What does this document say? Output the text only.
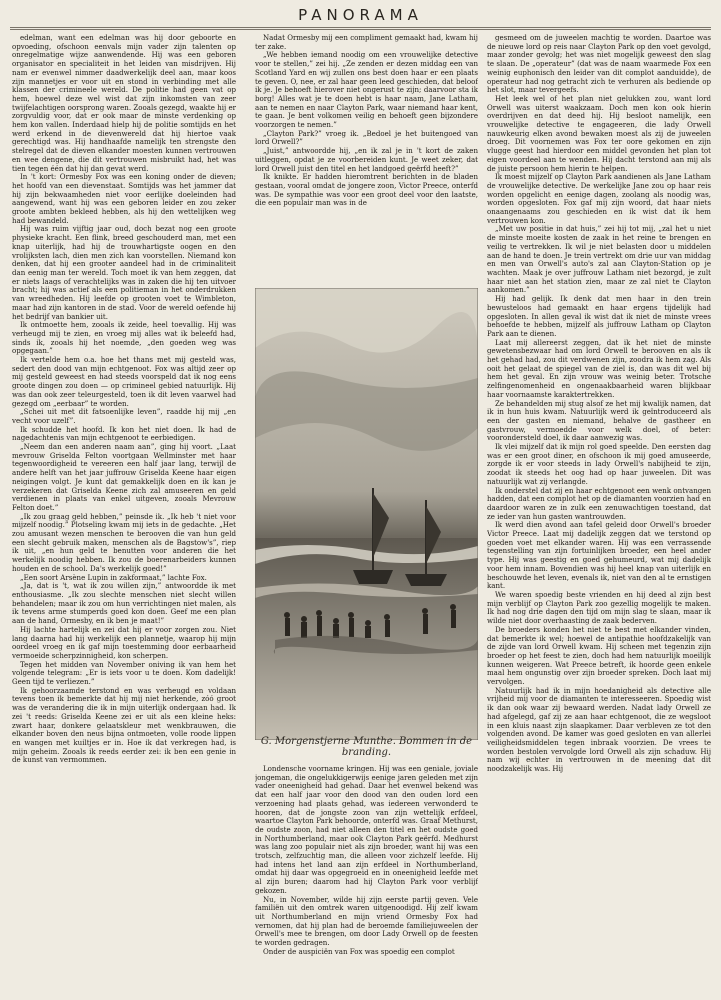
PANORAMA

edelman, want een edelman was hij door geboorte en opvoeding, ofschoon eenvals mijn vader zijn talenten op onregelmatige wijze aanwendende. Hij was een geboren organisator en specialiteit in het leiden van misdrijven. Hij nam er evenwel nimmer daadwerkelijk deel aan, maar koos zijn mannetjes er voor uit en stond in verbinding met alle klassen der crimineele wereld. De politie had geen vat op hem, hoewel deze wel wist dat zijn inkomsten van zeer twijfelachtigen oorsprong waren. Zooals gezegd, waakte hij er zorgvuldig voor, dat er ook maar de minste verdenking op hem kon vallen. Inderdaad hielp hij de politie somtijds en het werd erkend in de dievenwereld dat hij hiertoe vaak gerechtigd was. Hij handhaafde namelijk ten strengste den stelregel dat de dieven elkander moesten kunnen vertrouwen en wee dengene, die dit vertrouwen misbruikt had, het was tien tegen één dat hij dan gevat werd.

In 't kort: Ormesby Fox was een koning onder de dieven; het hoofd van een dievenstaat. Somtijds was het jammer dat hij zijn bekwaamheden niet voor eerlijke doeleinden had aangewend, want hij was een geboren leider en zou zeker groote ambten bekleed hebben, als hij den wettelijken weg had bewandeld.

Hij was ruim vijftig jaar oud, doch bezat nog een groote physieke kracht. Een flink, breed geschouderd man, met een knap uiterlijk, had hij de trouwhartigste oogen en den vrolijksten lach, dien men zich kan voorstellen. Niemand kon denken, dat hij een grooter aandeel had in de criminaliteit dan eenig man ter wereld. Toch moet ik van hem zeggen, dat er niets laags of verachtelijks was in zaken die hij ten uitvoer bracht; hij was actief als een politieman in het onderdrukken van wreedheden. Hij leefde op grooten voet te Wimbleton, maar had zijn kantoren in de stad. Voor de wereld oefende hij het bedrijf van bankier uit.

Ik ontmoette hem, zooals ik zeide, heel toevallig. Hij was verheugd mij te zien, en vroeg mij alles wat ik beleefd had, sinds ik, zooals hij het noemde, „den goeden weg was opgegaan.”

Ik vertelde hem o.a. hoe het thans met mij gesteld was, sedert den dood van mijn echtgenoot. Fox was altijd zeer op mij gesteld geweest en had steeds voorspeld dat ik nog eens groote dingen zou doen — op crimineel gebied natuurlijk. Hij was dan ook zeer teleurgesteld, toen ik dit leven vaarwel had gezegd om „eerbaar” te worden.

„Schei uit met dit fatsoenlijke leven”, raadde hij mij „en vecht voor uzelf”.

Ik schudde het hoofd. Ik kon het niet doen. Ik had de nagedachtenis van mijn echtgenoot te eerbiedigen.

„Neem dan een anderen naam aan”, ging hij voort. „Laat mevrouw Griselda Felton voortgaan Wellminster met haar tegenwoordigheid te vereeren een half jaar lang, terwijl de andere helft van het jaar juffrouw Griselda Keene haar eigen neigingen volgt. Je kunt dat gemakkelijk doen en ik kan je verzekeren dat Griselda Keene zich zal amuseeren en geld verdienen in plaats van enkel uitgeven, zooals Mevrouw Felton doet.”

„Ik zou graag geld hebben,” peinsde ik. „Ik heb 't niet voor mijzelf noodig.” Plotseling kwam mij iets in de gedachte. „Het zou amusant wezen menschen te berooven die van hun geld een slecht gebruik maken, menschen als de Bagstow's”, riep ik uit, „en hun geld te benutten voor anderen die het werkelijk noodig hebben. Ik zou de boerenarbeiders kunnen houden en de school. Da's werkelijk goed!”

„Een soort Arsène Lupin in zakformaat,” lachte Fox.

„Ja, dat is 't, wat ik zou willen zijn,” antwoordde ik met enthousiasme. „Ik zou slechte menschen niet slecht willen behandelen; maar ik zou om hun verrichtingen niet malen, als ik tevens arme stumperds goed kon doen. Geef me een plan aan de hand, Ormesby, en ik ben je maat!”

Hij lachte hartelijk en zei dat hij er voor zorgen zou. Niet lang daarna had hij werkelijk een plannetje, waarop hij mijn oordeel vroeg en ik gaf mijn toestemming door eerbaarheid vermoeide scherpzinnigheid, kon scherpen.

Tegen het midden van November oniving ik van hem het volgende telegram: „Er is iets voor u te doen. Kom dadelijk! Geen tijd te verliezen.”

Ik gehoorzaamde terstond en was verheugd en voldaan tevens toen ik bemerkte dat hij mij niet herkende, zóó groot was de verandering die ik in mijn uiterlijk ondergaan had. Ik zei 't reeds: Griselda Keene zei er uit als een kleine heks: zwart haar, donkere gelaatskleur met wenkbrauwen, die elkander boven den neus bijna ontmoeten, volle roode lippen en wangen met kuiltjes er in. Hoe ik dat verkregen had, is mijn geheim. Zooals ik reeds eerder zei: ik ben een genie in de kunst van vermommen.

Nadat Ormesby mij een compliment gemaakt had, kwam hij ter zake.

„We hebben iemand noodig om een vrouwelijke detective voor te stellen,” zei hij. „Ze zenden er dezen middag een van Scotland Yard en wij zullen ons best doen haar er een plaats te geven. O, nee, er zal haar geen leed geschieden, dat beloof ik je. Je behoeft hierover niet ongerust te zijn; daarvoor sta ik borg! Alles wat je te doen hebt is haar naam, Jane Latham, aan te nemen en naar Clayton Park, waar niemand haar kent, te gaan. Je bent volkomen veilig en behoeft geen bijzondere voorzorgen te nemen.”

„Clayton Park?” vroeg ik. „Bedoel je het buitengoed van lord Orwell?”

„Juist,” antwoordde hij, „en ik zal je in 't kort de zaken uitleggen, opdat je ze voorbereiden kunt. Je weet zeker, dat lord Orwell juist den titel en het landgoed geërfd heeft?”

Ik knikte. Er hadden hieromtrent berichten in de bladen gestaan, vooral omdat de jongere zoon, Victor Preece, onterfd was. De sympathie was voor een groot deel voor den laatste, die een populair man was in de

G. Morgenstjerne Munthe. Bommen in de branding.

Londensche voorname kringen. Hij was een geniale, joviale jongeman, die ongelukkigerwijs eenige jaren geleden met zijn vader oneenigheid had gehad. Daar het evenwel bekend was dat een half jaar voor den dood van den ouden lord een verzoening had plaats gehad, was iedereen verwonderd te hooren, dat de jongste zoon van zijn wettelijk erfdeel, waartoe Clayton Park behoorde, onterfd was. Graaf Methurst, de oudste zoon, had niet alleen den titel en het oudste goed in Northumberland, maar ook Clayton Park geërfd. Medhurst was lang zoo populair niet als zijn broeder, want hij was een trotsch, zelfzuchtig man, die alleen voor zichzelf leefde. Hij had intens het land aan zijn erfdeel in Northumberland, omdat hij daar was opgegroeid en in oneenigheid leefde met al zijn buren; daarom had hij Clayton Park voor verblijf gekozen.

Nu, in November, wilde hij zijn eerste partij geven. Vele familiën uit den omtrek waren uitgenoodigd. Hij zelf kwam uit Northumberland en mijn vriend Ormesby Fox had vernomen, dat hij plan had de beroemde familiejuweelen der Orwell's mee te brengen, om door Lady Orwell op de feesten te worden gedragen.

Onder de auspiciën van Fox was spoedig een complot

gesmeed om de juweelen machtig te worden. Daartoe was de nieuwe lord op reis naar Clayton Park op den voet gevolgd, maar zonder gevolg; het was niet mogelijk geweest den slag te slaan. De „operateur” (dat was de naam waarmede Fox een weinig euphonisch den leider van dit complot aanduidde), de operateur had nog getracht zich te verhuren als bediende op het slot, maar tevergeefs.

Het leek wel of het plan niet gelukken zou, want lord Orwell was uiterst waakzaam. Doch men kon ook hierin overdrijven en dat deed hij. Hij besloot namelijk, een vrouwelijke detective te engageeren, die lady Orwell nauwkeurig elken avond bewaken moest als zij de juweelen droeg. Dit voornemen was Fox ter oore gekomen en zijn vlugge geest had hierdoor een middel gevonden het plan tot eigen voordeel aan te wenden. Hij dacht terstond aan mij als de juiste persoon hem hierin te helpen.

Ik moest mijzelf op Clayton Park aandienen als Jane Latham de vrouwelijke detective. De werkelijke Jane zou op haar reis worden opgelicht en eenige dagen, zoolang als noodig was, worden opgesloten. Fox gaf mij zijn woord, dat haar niets onaangenaams zou geschieden en ik wist dat ik hem vertrouwen kon.

„Met uw positie in dat huis,” zei hij tot mij, „zal het u niet de minste moeite kosten de zaak in het reine te brengen en veilig te vertrekken. Ik wil je niet belasten door u middelen aan de hand te doen. Je trein vertrekt om drie uur van middag en men van Orwell's auto's zal aan Clayton-Station op je wachten. Maak je over juffrouw Latham niet bezorgd, je zult haar niet aan het station zien, maar ze zal niet te Clayton aankomen.”

Hij had gelijk. Ik denk dat men haar in den trein bewusteloos had gemaakt en haar ergens tijdelijk had opgesloten. In allen geval ik wist dat ik niet de minste vrees behoefde te hebben, mijzelf als juffrouw Latham op Clayton Park aan te dienen.

Laat mij allereerst zeggen, dat ik het niet de minste gewetensbezwaar had om lord Orwell te berooven en als ik het gehad had, zou dit verdwenen zijn, zoodra ik hem zag. Als ooit het gelaat de spiegel van de ziel is, dan was dit wel bij hem het geval. En zijn vrouw was weinig beter. Trotsche zelfingenomenheid en ongenaakbaarheid waren blijkbaar haar voornaamste karaktertrekken.

Ze behandelden mij stug alsof ze het mij kwalijk namen, dat ik in hun huis kwam. Natuurlijk werd ik geïntroduceerd als een der gasten en niemand, behalve de gastheer en gastvrouw, vermoedde voor welk doel, of beter: voorondersteld doel, ik daar aanwezig was.

Ik vlei mijzelf dat ik mijn rol goed speelde. Den eersten dag was er een groot diner, en ofschoon ik mij goed amuseerde, zorgde ik er voor steeds in lady Orwell's nabijheid te zijn, zoodat ik steeds het oog had op haar juweelen. Dit was natuurlijk wat zij verlangde.

Ik onderstel dat zij en haar echtgenoot een wenk ontvangen hadden, dat een complot het op de diamanten voorzien had en daardoor waren ze in zulk een zenuwachtigen toestand, dat ze ieder van hun gasten wantrouwden.

Ik werd dien avond aan tafel geleid door Orwell's broeder Victor Preece. Laat mij dadelijk zeggen dat we terstond op goeden voet met elkander waren. Hij was een verrassende tegenstelling van zijn fortuinlijken broeder, een heel ander type. Hij was geestig en goed gehumeurd, wat mij dadelijk voor hem innam. Bovendien was hij heel knap van uiterlijk en beschouwde het leven, evenals ik, niet van den al te ernstigen kant.

We waren spoedig beste vrienden en hij deed al zijn best mijn verblijf op Clayton Park zoo gezellig mogelijk te maken. Ik had nog drie dagen den tijd om mijn slag te slaan, maar ik wilde niet door overhaasting de zaak bederven.

De broeders konden het niet te best met elkander vinden, dat bemerkte ik wel; hoewel de antipathie hoofdzakelijk van de zijde van lord Orwell kwam. Hij scheen met tegenzin zijn broeder op het feest te zien, doch had hem natuurlijk moeilijk kunnen weigeren. Wat Preece betreft, ik hoorde geen enkele maal hem ongunstig over zijn broeder spreken. Doch laat mij vervolgen.

Natuurlijk had ik in mijn hoedanigheid als detective alle vrijheid mij voor de diamanten te interesseeren. Spoedig wist ik dan ook waar zij bewaard werden. Nadat lady Orwell ze had afgelegd, gaf zij ze aan haar echtgenoot, die ze wegsloot in een kluis naast zijn slaapkamer. Daar verbleven ze tot den volgenden avond. De kamer was goed gesloten en van allerlei veiligheidsmiddelen tegen inbraak voorzien. De vrees te worden bestolen vervolgde lord Orwell als zijn schaduw. Hij nam wij echter in vertrouwen in de meening dat dit noodzakelijk was. Hij
